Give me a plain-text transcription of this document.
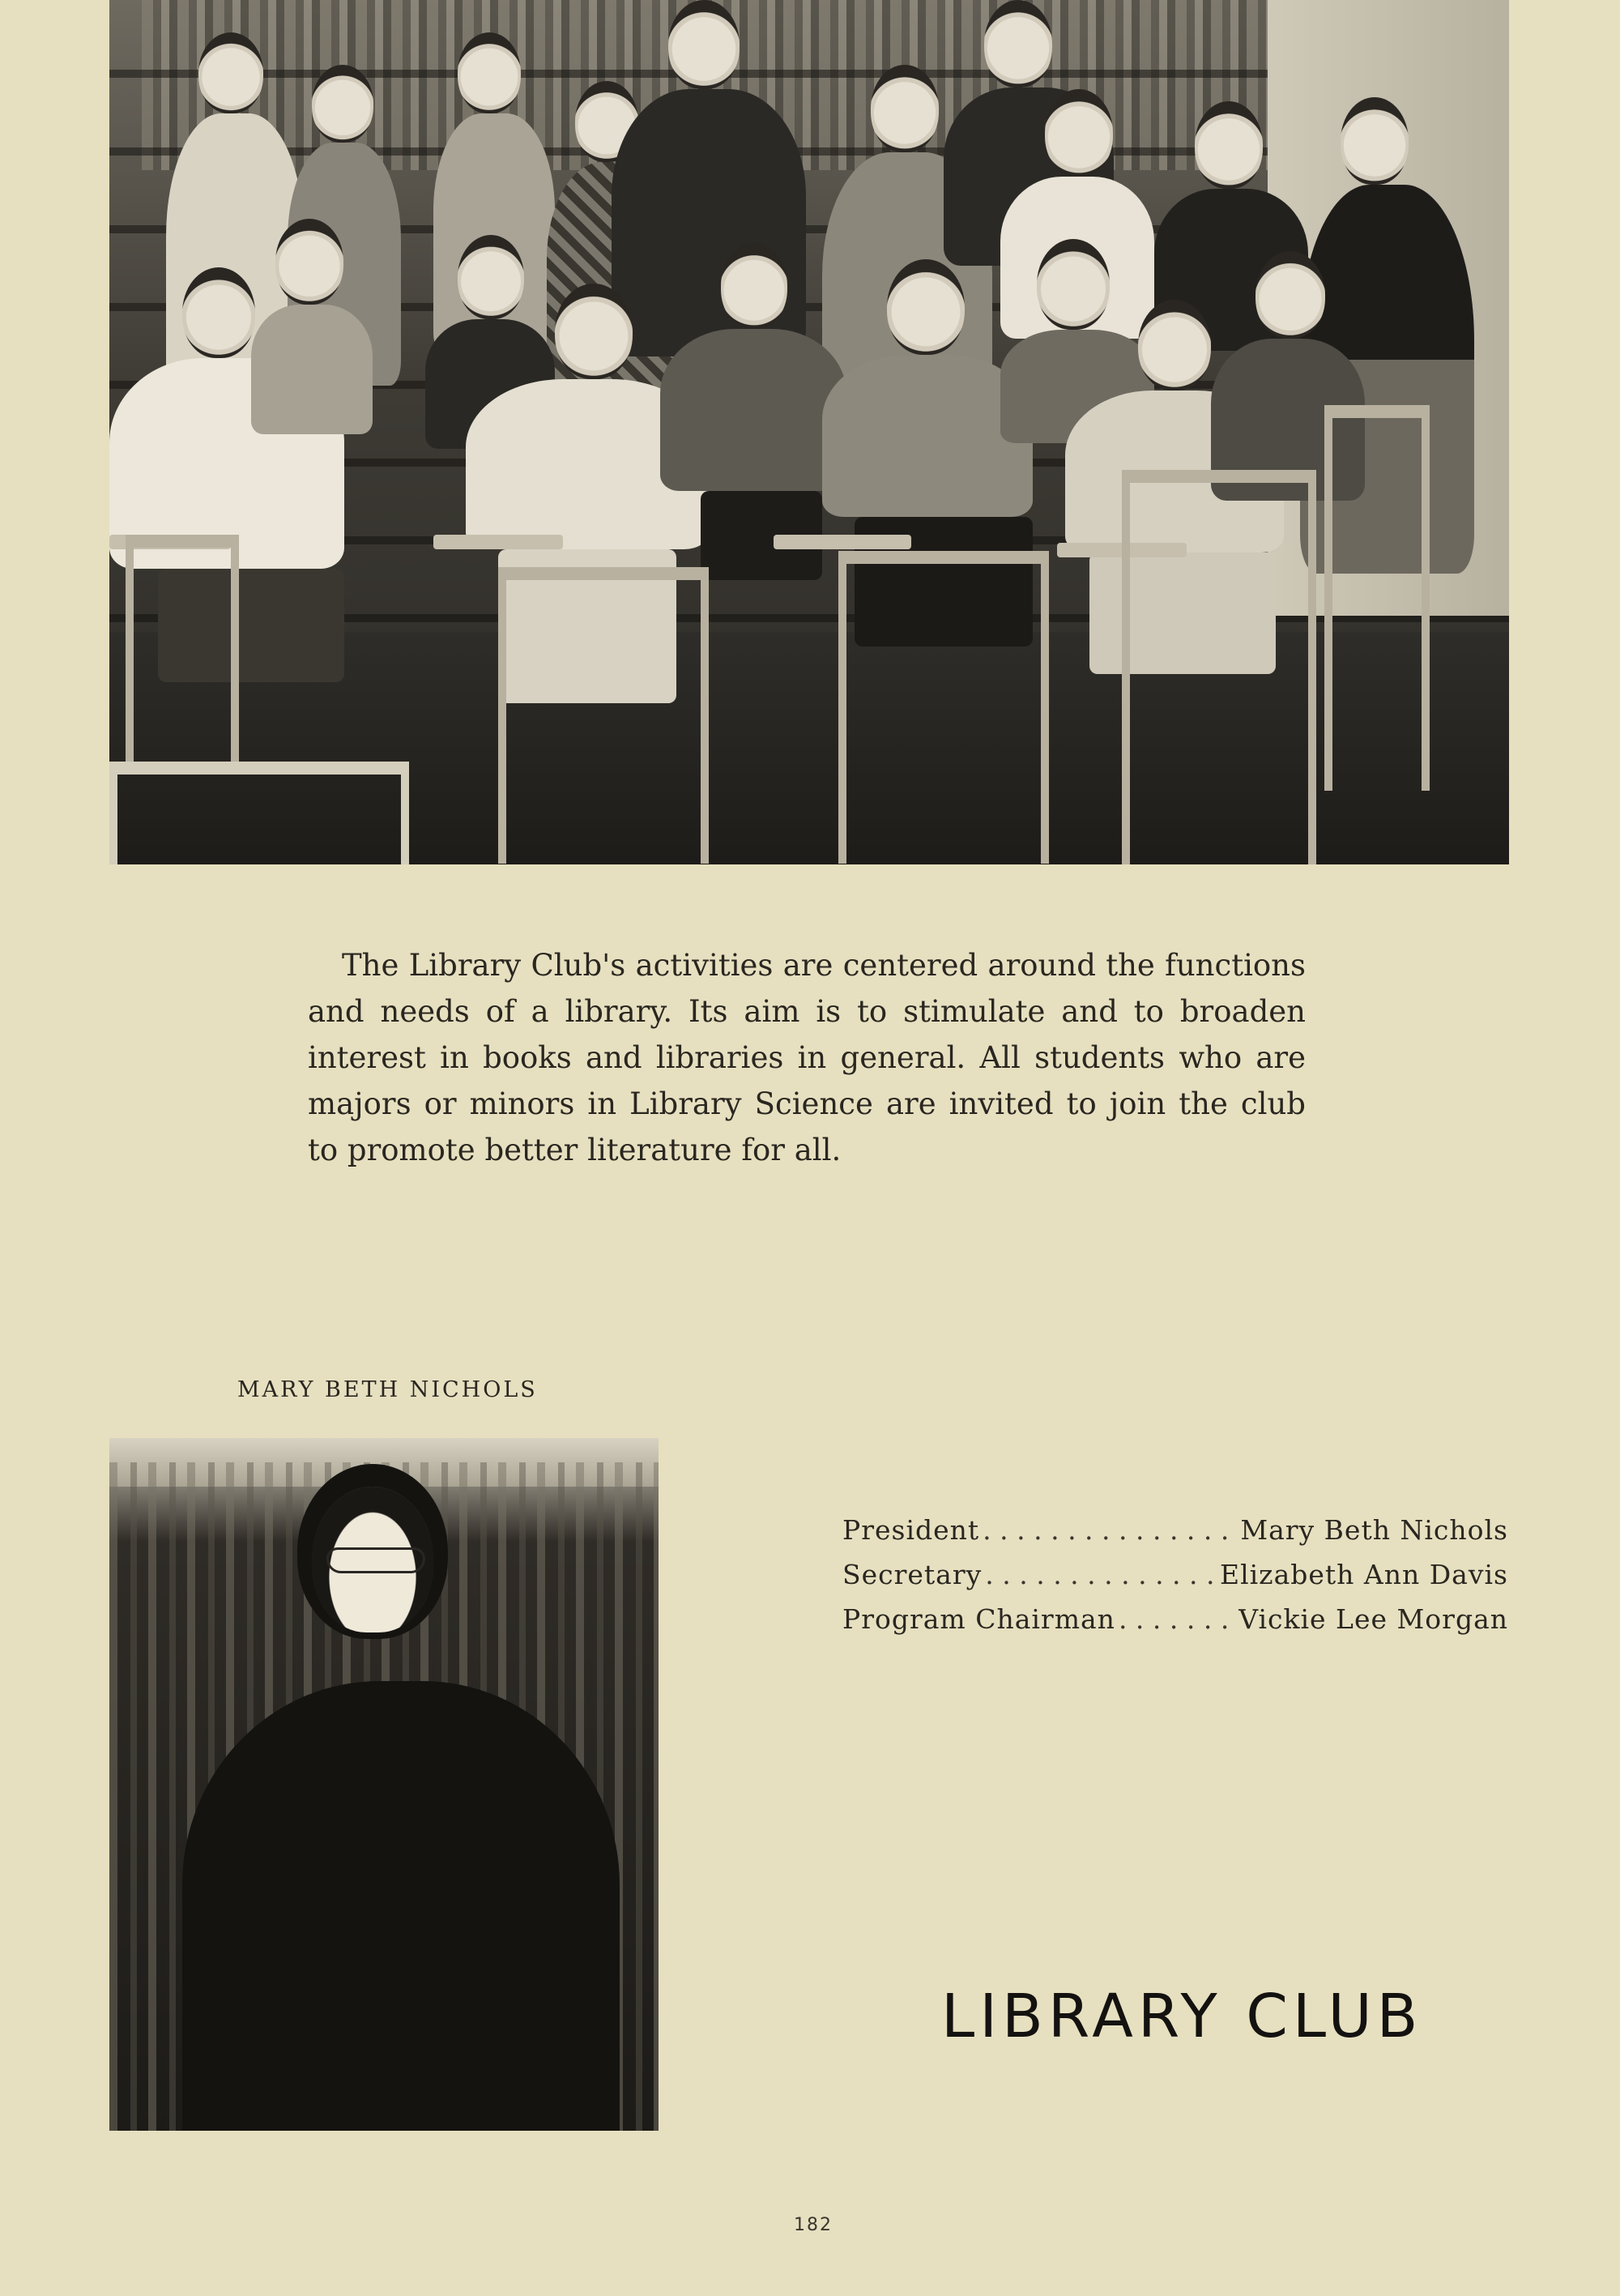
The Library Club's activities are centered around the functions and needs of a library. Its aim is to stimulate and to broaden interest in books and libraries in general. All students who are majors or minors in Library Science are invited to join the club to promote better literature for all.

MARY BETH NICHOLS

President . . .	Mary Beth Nichols
Secretary . . .	Elizabeth Ann Davis
Program Chairman . . .	Vickie Lee Morgan
LIBRARY CLUB

182
